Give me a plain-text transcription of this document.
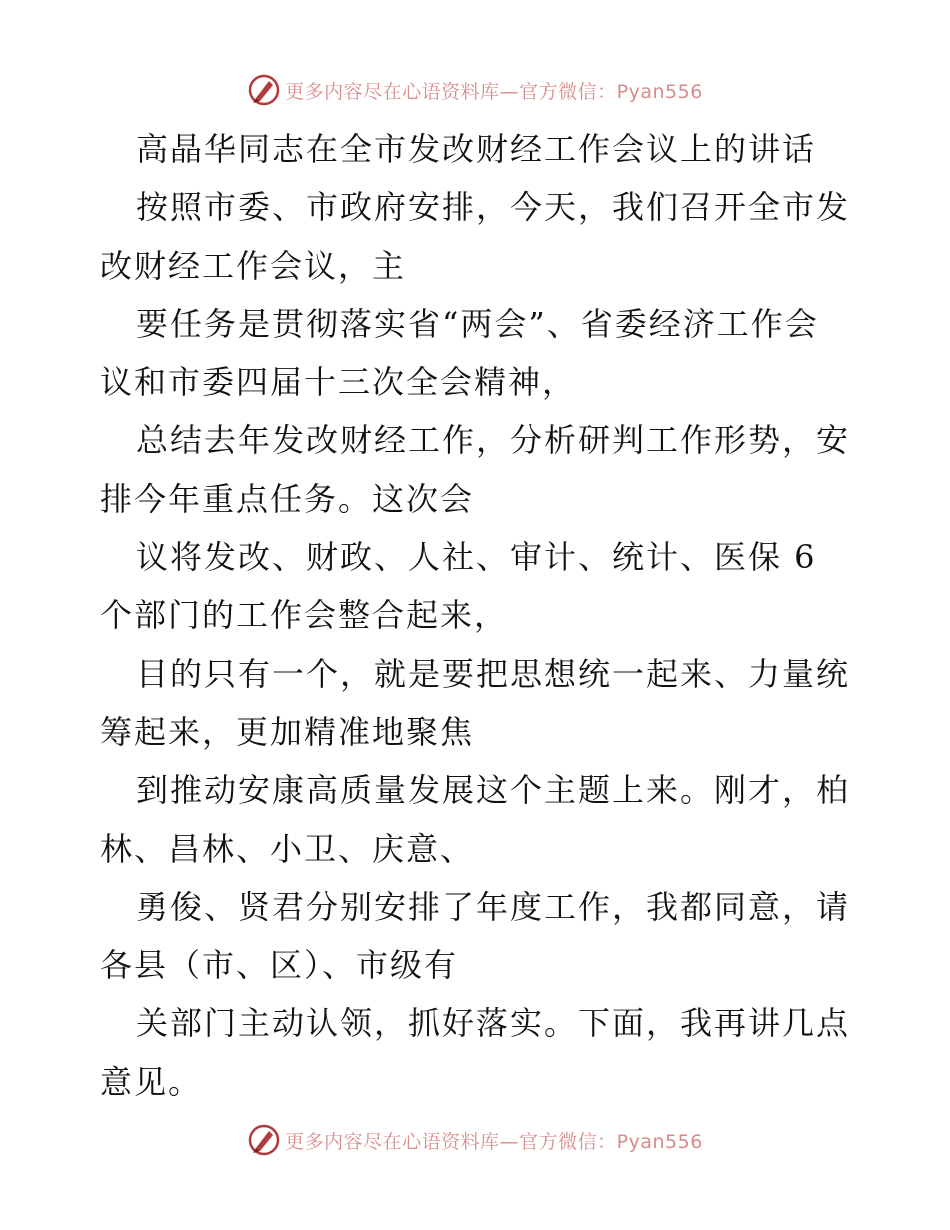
更多内容尽在心语资料库—官方微信：Pyan556
高晶华同志在全市发改财经工作会议上的讲话
按照市委、市政府安排，今天，我们召开全市发
改财经工作会议，主
要任务是贯彻落实省“两会”、省委经济工作会
议和市委四届十三次全会精神，
总结去年发改财经工作，分析研判工作形势，安
排今年重点任务。这次会
议将发改、财政、人社、审计、统计、医保 6
个部门的工作会整合起来，
目的只有一个，就是要把思想统一起来、力量统
筹起来，更加精准地聚焦
到推动安康高质量发展这个主题上来。刚才，柏
林、昌林、小卫、庆意、
勇俊、贤君分别安排了年度工作，我都同意，请
各县（市、区）、市级有
关部门主动认领，抓好落实。下面，我再讲几点
意见。
更多内容尽在心语资料库—官方微信：Pyan556
